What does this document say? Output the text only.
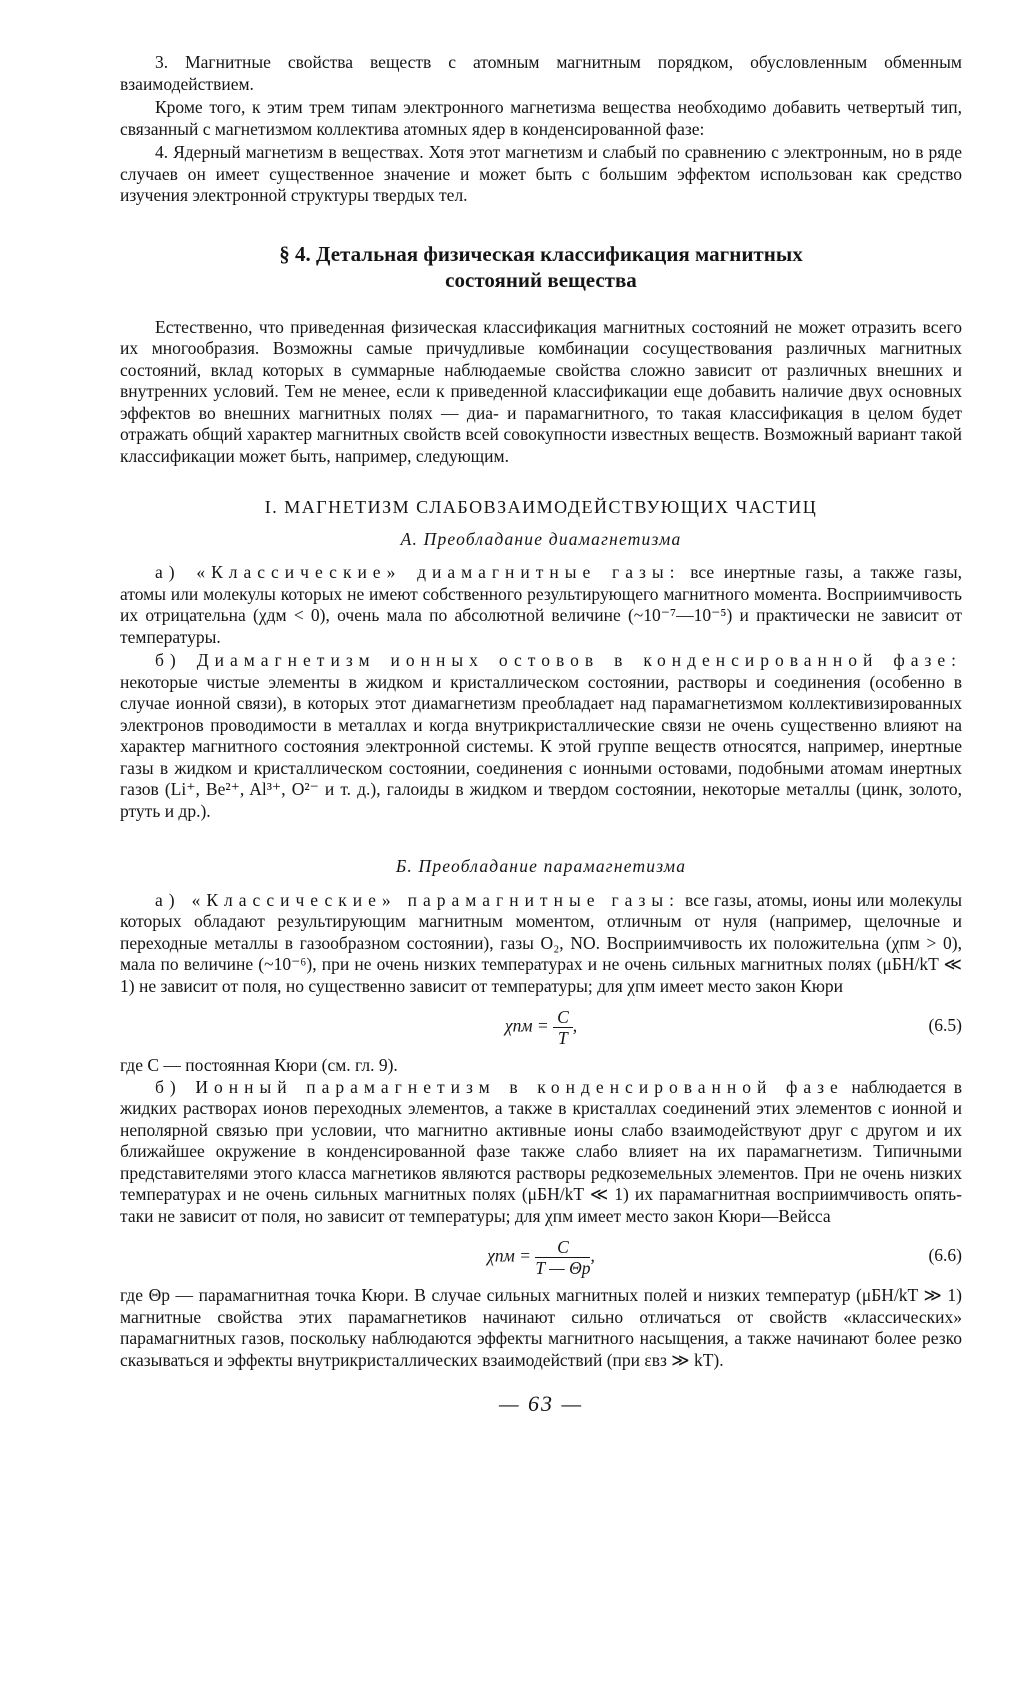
3. Магнитные свойства веществ с атомным магнитным порядком, обусловленным обменным взаимодействием.

Кроме того, к этим трем типам электронного магнетизма вещества необходимо добавить четвертый тип, связанный с магнетизмом коллектива атомных ядер в конденсированной фазе:

4. Ядерный магнетизм в веществах. Хотя этот магнетизм и слабый по сравнению с электронным, но в ряде случаев он имеет существенное значение и может быть с большим эффектом использован как средство изучения электронной структуры твердых тел.

§ 4. Детальная физическая классификация магнитных
состояний вещества

Естественно, что приведенная физическая классификация магнитных состояний не может отразить всего их многообразия. Возможны самые причудливые комбинации сосуществования различных магнитных состояний, вклад которых в суммарные наблюдаемые свойства сложно зависит от различных внешних и внутренних условий. Тем не менее, если к приведенной классификации еще добавить наличие двух основных эффектов во внешних магнитных полях — диа- и парамагнитного, то такая классификация в целом будет отражать общий характер магнитных свойств всей совокупности известных веществ. Возможный вариант такой классификации может быть, например, следующим.

I. МАГНЕТИЗМ СЛАБОВЗАИМОДЕЙСТВУЮЩИХ ЧАСТИЦ
А. Преобладание диамагнетизма

а) «Классические» диамагнитные газы: все инертные газы, а также газы, атомы или молекулы которых не имеют собственного результирующего магнитного момента. Восприимчивость их отрицательна (χдм < 0), очень мала по абсолютной величине (~10⁻⁷—10⁻⁵) и практически не зависит от температуры.

б) Диамагнетизм ионных остовов в конденсированной фазе: некоторые чистые элементы в жидком и кристаллическом состоянии, растворы и соединения (особенно в случае ионной связи), в которых этот диамагнетизм преобладает над парамагнетизмом коллективизированных электронов проводимости в металлах и когда внутрикристаллические связи не очень существенно влияют на характер магнитного состояния электронной системы. К этой группе веществ относятся, например, инертные газы в жидком и кристаллическом состоянии, соединения с ионными остовами, подобными атомам инертных газов (Li⁺, Be²⁺, Al³⁺, O²⁻ и т. д.), галоиды в жидком и твердом состоянии, некоторые металлы (цинк, золото, ртуть и др.).

Б. Преобладание парамагнетизма

а) «Классические» парамагнитные газы: все газы, атомы, ионы или молекулы которых обладают результирующим магнитным моментом, отличным от нуля (например, щелочные и переходные металлы в газообразном состоянии), газы O₂, NO. Восприимчивость их положительна (χпм > 0), мала по величине (~10⁻⁶), при не очень низких температурах и не очень сильных магнитных полях (μБH/kT ≪ 1) не зависит от поля, но существенно зависит от температуры; для χпм имеет место закон Кюри

$\chi пм = \frac{C}{T}$ ,	(6.5)

где C — постоянная Кюри (см. гл. 9).

б) Ионный парамагнетизм в конденсированной фазе наблюдается в жидких растворах ионов переходных элементов, а также в кристаллах соединений этих элементов с ионной и неполярной связью при условии, что магнитно активные ионы слабо взаимодействуют друг с другом и их ближайшее окружение в конденсированной фазе также слабо влияет на их парамагнетизм. Типичными представителями этого класса магнетиков являются растворы редкоземельных элементов. При не очень низких температурах и не очень сильных магнитных полях (μБH/kT ≪ 1) их парамагнитная восприимчивость опять-таки не зависит от поля, но зависит от температуры; для χпм имеет место закон Кюри—Вейсса

$\chi пм = \frac{C}{T — \Theta p}$ ,	(6.6)

где Θp — парамагнитная точка Кюри. В случае сильных магнитных полей и низких температур (μБH/kT ≫ 1) магнитные свойства этих парамагнетиков начинают сильно отличаться от свойств «классических» парамагнитных газов, поскольку наблюдаются эффекты магнитного насыщения, а также начинают более резко сказываться и эффекты внутрикристаллических взаимодействий (при εвз ≫ kT).

— 63 —
